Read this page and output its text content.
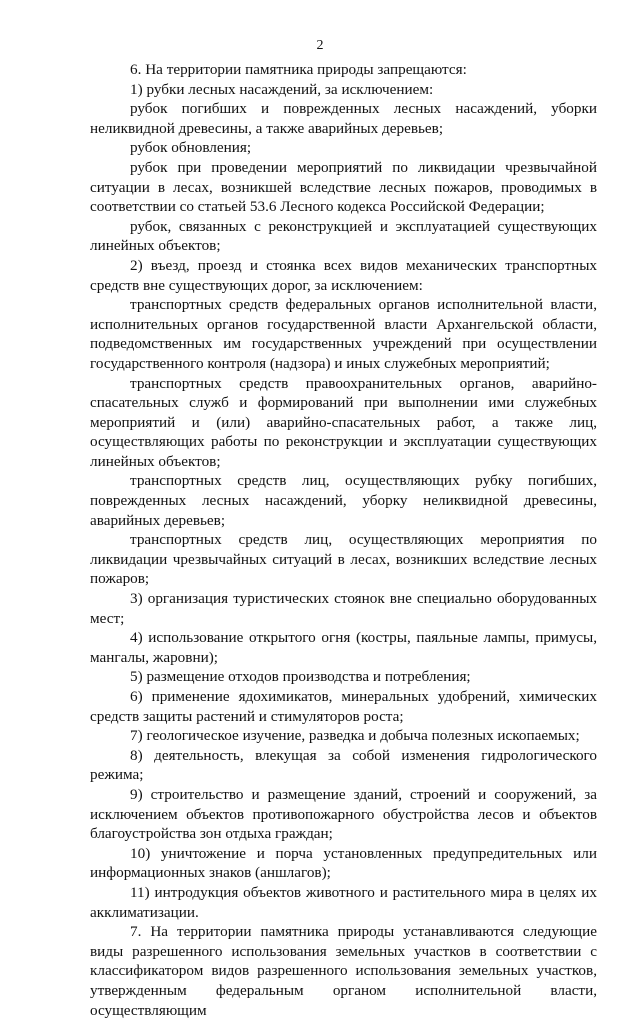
2

6. На территории памятника природы запрещаются:

1) рубки лесных насаждений, за исключением:

рубок погибших и поврежденных лесных насаждений, уборки неликвидной древесины, а также аварийных деревьев;

рубок обновления;

рубок при проведении мероприятий по ликвидации чрезвычайной ситуации в лесах, возникшей вследствие лесных пожаров, проводимых в соответствии со статьей 53.6 Лесного кодекса Российской Федерации;

рубок, связанных с реконструкцией и эксплуатацией существующих линейных объектов;

2) въезд, проезд и стоянка всех видов механических транспортных средств вне существующих дорог, за исключением:

транспортных средств федеральных органов исполнительной власти, исполнительных органов государственной власти Архангельской области, подведомственных им государственных учреждений при осуществлении государственного контроля (надзора) и иных служебных мероприятий;

транспортных средств правоохранительных органов, аварийно-спасательных служб и формирований при выполнении ими служебных мероприятий и (или) аварийно-спасательных работ, а также лиц, осуществляющих работы по реконструкции и эксплуатации существующих линейных объектов;

транспортных средств лиц, осуществляющих рубку погибших, поврежденных лесных насаждений, уборку неликвидной древесины, аварийных деревьев;

транспортных средств лиц, осуществляющих мероприятия по ликвидации чрезвычайных ситуаций в лесах, возникших вследствие лесных пожаров;

3) организация туристических стоянок вне специально оборудованных мест;

4) использование открытого огня (костры, паяльные лампы, примусы, мангалы, жаровни);

5) размещение отходов производства и потребления;

6) применение ядохимикатов, минеральных удобрений, химических средств защиты растений и стимуляторов роста;

7) геологическое изучение, разведка и добыча полезных ископаемых;

8) деятельность, влекущая за собой изменения гидрологического режима;

9) строительство и размещение зданий, строений и сооружений, за исключением объектов противопожарного обустройства лесов и объектов благоустройства зон отдыха граждан;

10) уничтожение и порча установленных предупредительных или информационных знаков (аншлагов);

11) интродукция объектов животного и растительного мира в целях их акклиматизации.

7. На территории памятника природы устанавливаются следующие виды разрешенного использования земельных участков в соответствии с классификатором видов разрешенного использования земельных участков, утвержденным федеральным органом исполнительной власти, осуществляющим
